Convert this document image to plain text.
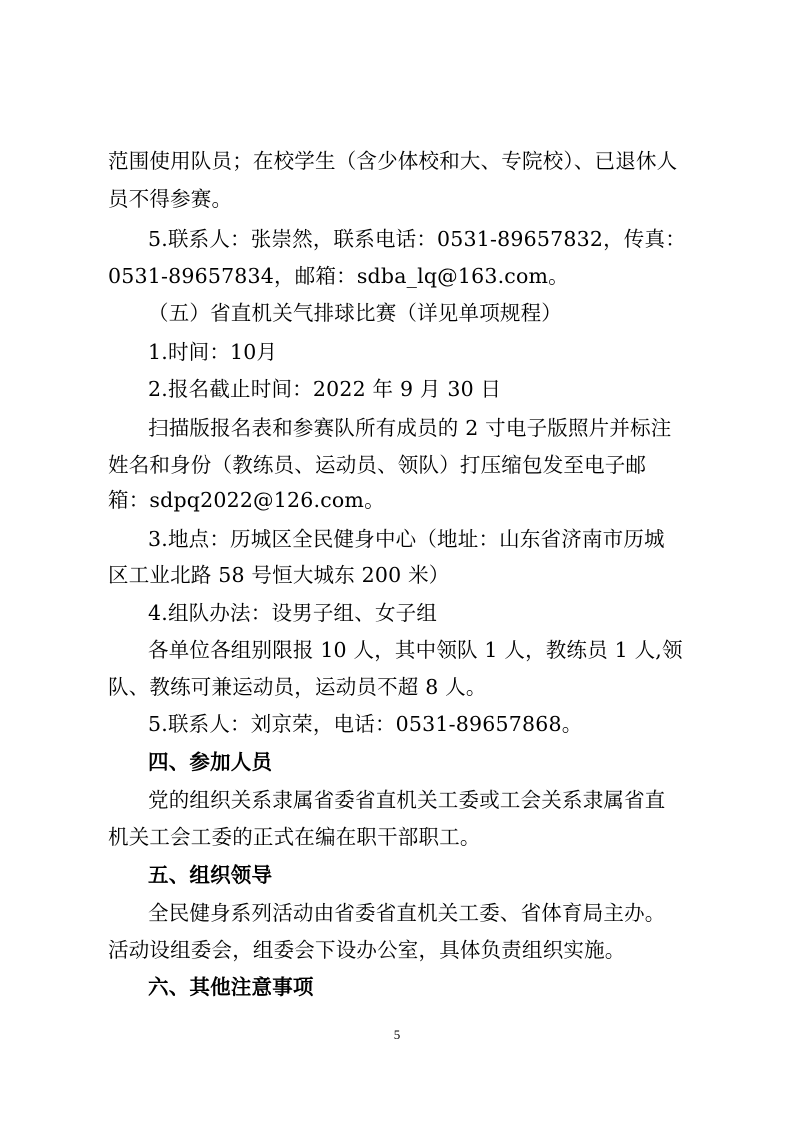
范围使用队员；在校学生（含少体校和大、专院校）、已退休人
员不得参赛。
5.联系人：张崇然，联系电话：0531-89657832，传真：
0531-89657834，邮箱：sdba_lq@163.com。
（五）省直机关气排球比赛（详见单项规程）
1.时间：10月
2.报名截止时间：2022 年 9 月 30 日
扫描版报名表和参赛队所有成员的 2 寸电子版照片并标注
姓名和身份（教练员、运动员、领队）打压缩包发至电子邮
箱：sdpq2022@126.com。
3.地点：历城区全民健身中心（地址：山东省济南市历城
区工业北路 58 号恒大城东 200 米）
4.组队办法：设男子组、女子组
各单位各组别限报 10 人，其中领队 1 人，教练员 1 人,领
队、教练可兼运动员，运动员不超 8 人。
5.联系人：刘京荣，电话：0531-89657868。
四、参加人员
党的组织关系隶属省委省直机关工委或工会关系隶属省直
机关工会工委的正式在编在职干部职工。
五、组织领导
全民健身系列活动由省委省直机关工委、省体育局主办。
活动设组委会，组委会下设办公室，具体负责组织实施。
六、其他注意事项
5
